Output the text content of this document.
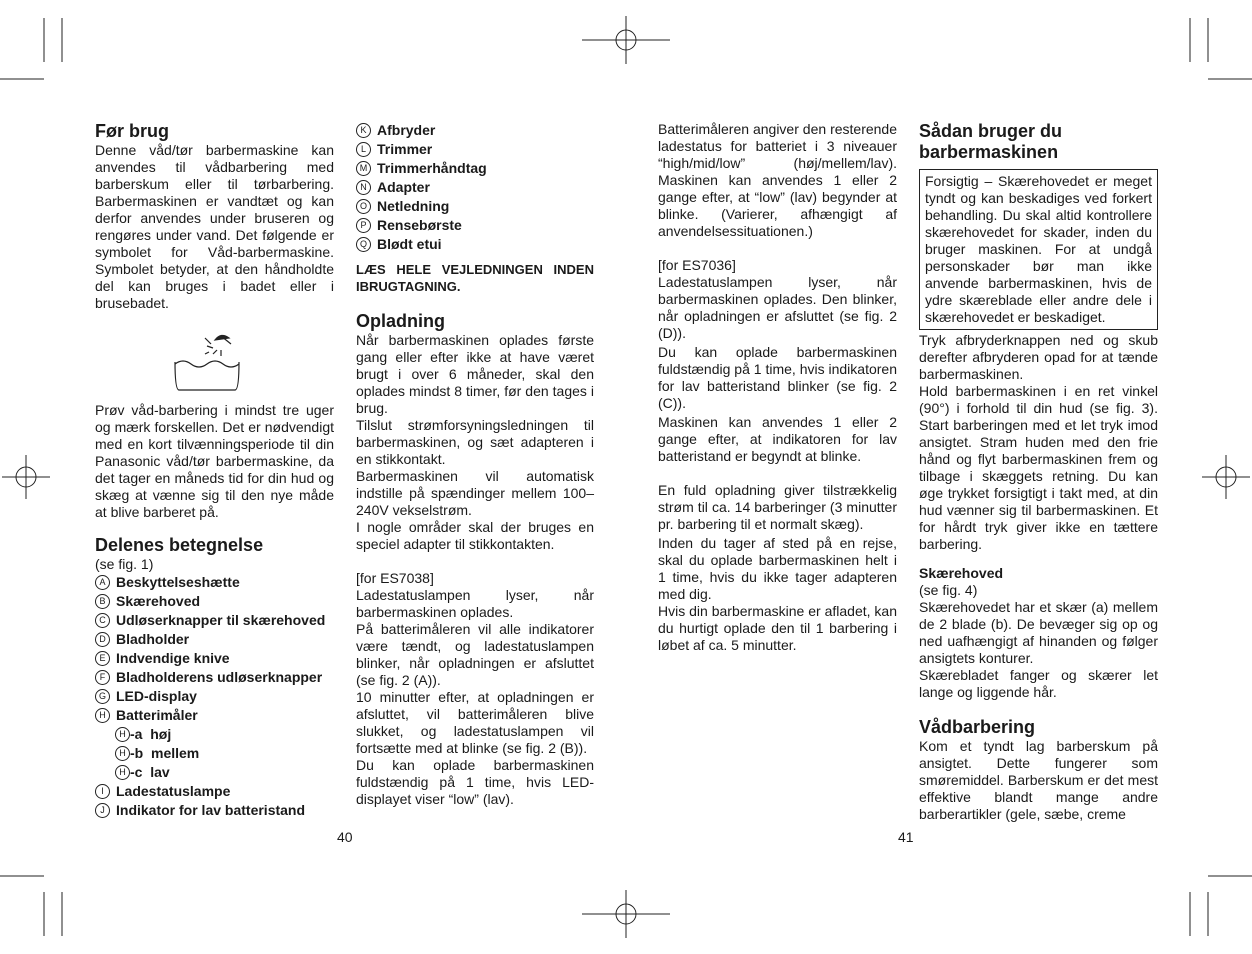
Før brug

Denne våd/tør barbermaskine kan anvendes til vådbarbering med barberskum eller til tørbarbering. Barbermaskinen er vandtæt og kan derfor anvendes under bruseren og rengøres under vand. Det følgende er symbolet for Våd-barbermaskine. Symbolet betyder, at den håndholdte del kan bruges i badet eller i brusebadet.

Prøv våd-barbering i mindst tre uger og mærk forskellen. Det er nødvendigt med en kort tilvænningsperiode til din Panasonic våd/tør barbermaskine, da det tager en måneds tid for din hud og skæg at vænne sig til den nye måde at blive barberet på.

Delenes betegnelse

(se fig. 1)

A Beskyttelseshætte
B Skærehoved
C Udløserknapper til skærehoved
D Bladholder
E Indvendige knive
F Bladholderens udløserknapper
G LED-display
H Batterimåler
H -a  høj
H -b  mellem
H -c  lav
I Ladestatuslampe
J Indikator for lav batteristand
K Afbryder
L Trimmer
M Trimmerhåndtag
N Adapter
O Netledning
P Rensebørste
Q Blødt etui

LÆS HELE VEJLEDNINGEN INDEN IBRUGTAGNING.

Opladning

Når barbermaskinen oplades første gang eller efter ikke at have været brugt i over 6 måneder, skal den oplades mindst 8 timer, før den tages i brug.

Tilslut strømforsyningsledningen til barbermaskinen, og sæt adapteren i en stikkontakt.

Barbermaskinen vil automatisk indstille på spændinger mellem 100–240V vekselstrøm.

I nogle områder skal der bruges en speciel adapter til stikkontakten.

[for ES7038]

Ladestatuslampen lyser, når barbermaskinen oplades.

På batterimåleren vil alle indikatorer være tændt, og ladestatuslampen blinker, når opladningen er afsluttet (se fig. 2 (A)).

10 minutter efter, at opladningen er afsluttet, vil batterimåleren blive slukket, og ladestatuslampen vil fortsætte med at blinke (se fig. 2 (B)).

Du kan oplade barbermaskinen fuldstændig på 1 time, hvis LED-displayet viser “low” (lav).

40

Batterimåleren angiver den resterende ladestatus for batteriet i 3 niveauer “high/mid/low” (høj/mellem/lav). Maskinen kan anvendes 1 eller 2 gange efter, at “low” (lav) begynder at blinke. (Varierer, afhængigt af anvendelsessituationen.)

[for ES7036]

Ladestatuslampen lyser, når barbermaskinen oplades. Den blinker, når opladningen er afsluttet (se fig. 2 (D)).

Du kan oplade barbermaskinen fuldstændig på 1 time, hvis indikatoren for lav batteristand blinker (se fig. 2 (C)).

Maskinen kan anvendes 1 eller 2 gange efter, at indikatoren for lav batteristand er begyndt at blinke.

En fuld opladning giver tilstrækkelig strøm til ca. 14 barberinger (3 minutter pr. barbering til et normalt skæg).

Inden du tager af sted på en rejse, skal du oplade barbermaskinen helt i 1 time, hvis du ikke tager adapteren med dig.

Hvis din barbermaskine er afladet, kan du hurtigt oplade den til 1 barbering i løbet af ca. 5 minutter.

41
Sådan bruger du barbermaskinen

Forsigtig – Skærehovedet er meget tyndt og kan beskadiges ved forkert behandling. Du skal altid kontrollere skærehovedet for skader, inden du bruger maskinen. For at undgå personskader bør man ikke anvende barbermaskinen, hvis de ydre skæreblade eller andre dele i skærehovedet er beskadiget.

Tryk afbryderknappen ned og skub derefter afbryderen opad for at tænde barbermaskinen.

Hold barbermaskinen i en ret vinkel (90°) i forhold til din hud (se fig. 3). Start barberingen med et let tryk imod ansigtet. Stram huden med den frie hånd og flyt barbermaskinen frem og tilbage i skæggets retning. Du kan øge trykket forsigtigt i takt med, at din hud vænner sig til barbermaskinen. Et for hårdt tryk giver ikke en tættere barbering.

Skærehoved

(se fig. 4)

Skærehovedet har et skær (a) mellem de 2 blade (b). De bevæger sig op og ned uafhængigt af hinanden og følger ansigtets konturer.

Skærebladet fanger og skærer let lange og liggende hår.

Vådbarbering

Kom et tyndt lag barberskum på ansigtet. Dette fungerer som smøremiddel. Barberskum er det mest effektive blandt mange andre barberartikler (gele, sæbe, creme
